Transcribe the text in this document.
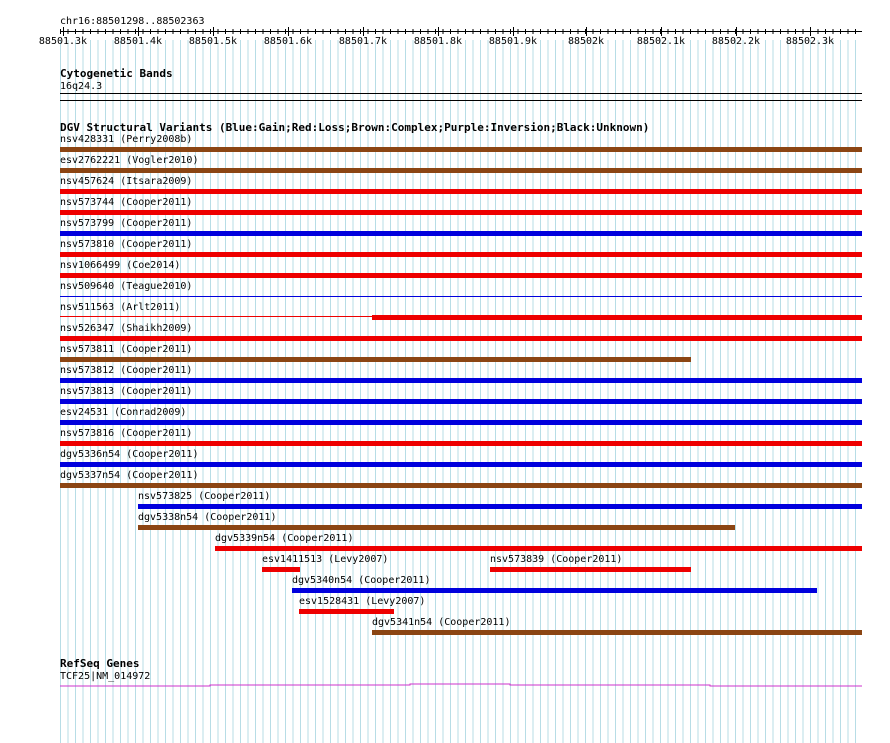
chr16:88501298..88502363
88501.3k	88501.4k	88501.5k	88501.6k	88501.7k	88501.8k	88501.9k	88502k	88502.1k	88502.2k	88502.3k
Cytogenetic Bands
16q24.3
DGV Structural Variants (Blue:Gain;Red:Loss;Brown:Complex;Purple:Inversion;Black:Unknown)
nsv428331 (Perry2008b)
esv2762221 (Vogler2010)
nsv457624 (Itsara2009)
nsv573744 (Cooper2011)
nsv573799 (Cooper2011)
nsv573810 (Cooper2011)
nsv1066499 (Coe2014)
nsv509640 (Teague2010)
nsv511563 (Arlt2011)
nsv526347 (Shaikh2009)
nsv573811 (Cooper2011)
nsv573812 (Cooper2011)
nsv573813 (Cooper2011)
esv24531 (Conrad2009)
nsv573816 (Cooper2011)
dgv5336n54 (Cooper2011)
dgv5337n54 (Cooper2011)
nsv573825 (Cooper2011)
dgv5338n54 (Cooper2011)
dgv5339n54 (Cooper2011)
esv1411513 (Levy2007)	nsv573839 (Cooper2011)
dgv5340n54 (Cooper2011)
esv1528431 (Levy2007)
dgv5341n54 (Cooper2011)
RefSeq Genes
TCF25|NM_014972
